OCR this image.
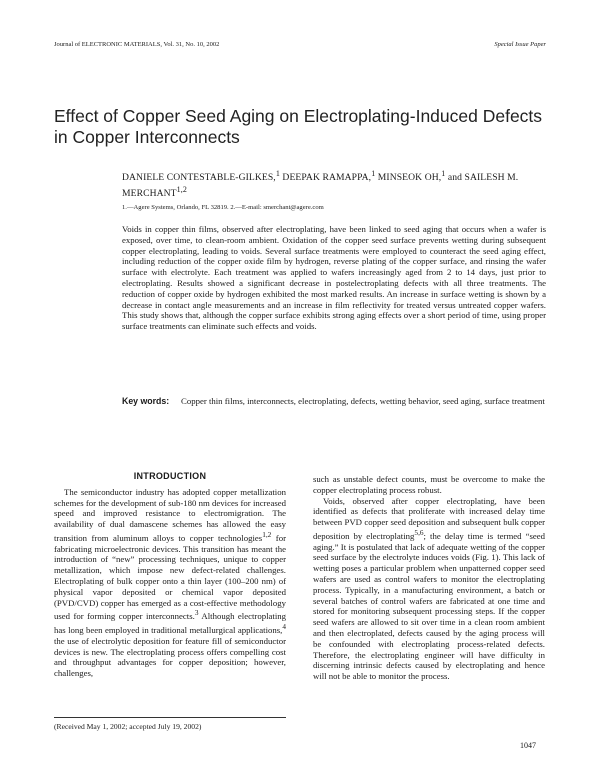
Journal of ELECTRONIC MATERIALS, Vol. 31, No. 10, 2002	Special Issue Paper
Effect of Copper Seed Aging on Electroplating-Induced Defects in Copper Interconnects
DANIELE CONTESTABLE-GILKES,$^1$ DEEPAK RAMAPPA,$^1$ MINSEOK OH,$^1$ and SAILESH M. MERCHANT$^{1,2}$
1.—Agere Systems, Orlando, FL 32819. 2.—E-mail: smerchant@agere.com

Voids in copper thin films, observed after electroplating, have been linked to seed aging that occurs when a wafer is exposed, over time, to clean-room ambient. Oxidation of the copper seed surface prevents wetting during subsequent copper electroplating, leading to voids. Several surface treatments were employed to counteract the seed aging effect, including reduction of the copper oxide film by hydrogen, reverse plating of the copper surface, and rinsing the wafer surface with electrolyte. Each treatment was applied to wafers increasingly aged from 2 to 14 days, just prior to electroplating. Results showed a significant decrease in postelectroplating defects with all three treatments. The reduction of copper oxide by hydrogen exhibited the most marked results. An increase in surface wetting is shown by a decrease in contact angle measurements and an increase in film reflectivity for treated versus untreated copper wafers. This study shows that, although the copper surface exhibits strong aging effects over a short period of time, using proper surface treatments can eliminate such effects and voids.

Key words: Copper thin films, interconnects, electroplating, defects, wetting behavior, seed aging, surface treatment
INTRODUCTION

The semiconductor industry has adopted copper metallization schemes for the development of sub-180 nm devices for increased speed and improved resistance to electromigration. The availability of dual damascene schemes has allowed the easy transition from aluminum alloys to copper technologies$^{1,2}$ for fabricating microelectronic devices. This transition has meant the introduction of “new” processing techniques, unique to copper metallization, which impose new defect-related challenges. Electroplating of bulk copper onto a thin layer (100–200 nm) of physical vapor deposited or chemical vapor deposited (PVD/CVD) copper has emerged as a cost-effective methodology used for forming copper interconnects.$^3$ Although electroplating has long been employed in traditional metallurgical applications,$^4$ the use of electrolytic deposition for feature fill of semiconductor devices is new. The electroplating process offers compelling cost and throughput advantages for copper deposition; however, challenges,

such as unstable defect counts, must be overcome to make the copper electroplating process robust.

Voids, observed after copper electroplating, have been identified as defects that proliferate with increased delay time between PVD copper seed deposition and subsequent bulk copper deposition by electroplating$^{5,6}$; the delay time is termed “seed aging.” It is postulated that lack of adequate wetting of the copper seed surface by the electrolyte induces voids (Fig. 1). This lack of wetting poses a particular problem when unpatterned copper seed wafers are used as control wafers to monitor the electroplating process. Typically, in a manufacturing environment, a batch or several batches of control wafers are fabricated at one time and stored for monitoring subsequent processing steps. If the copper seed wafers are allowed to sit over time in a clean room ambient and then electroplated, defects caused by the aging process will be confounded with electroplating process-related defects. Therefore, the electroplating engineer will have difficulty in discerning intrinsic defects caused by electroplating and hence will not be able to monitor the process.

(Received May 1, 2002; accepted July 19, 2002)
1047
